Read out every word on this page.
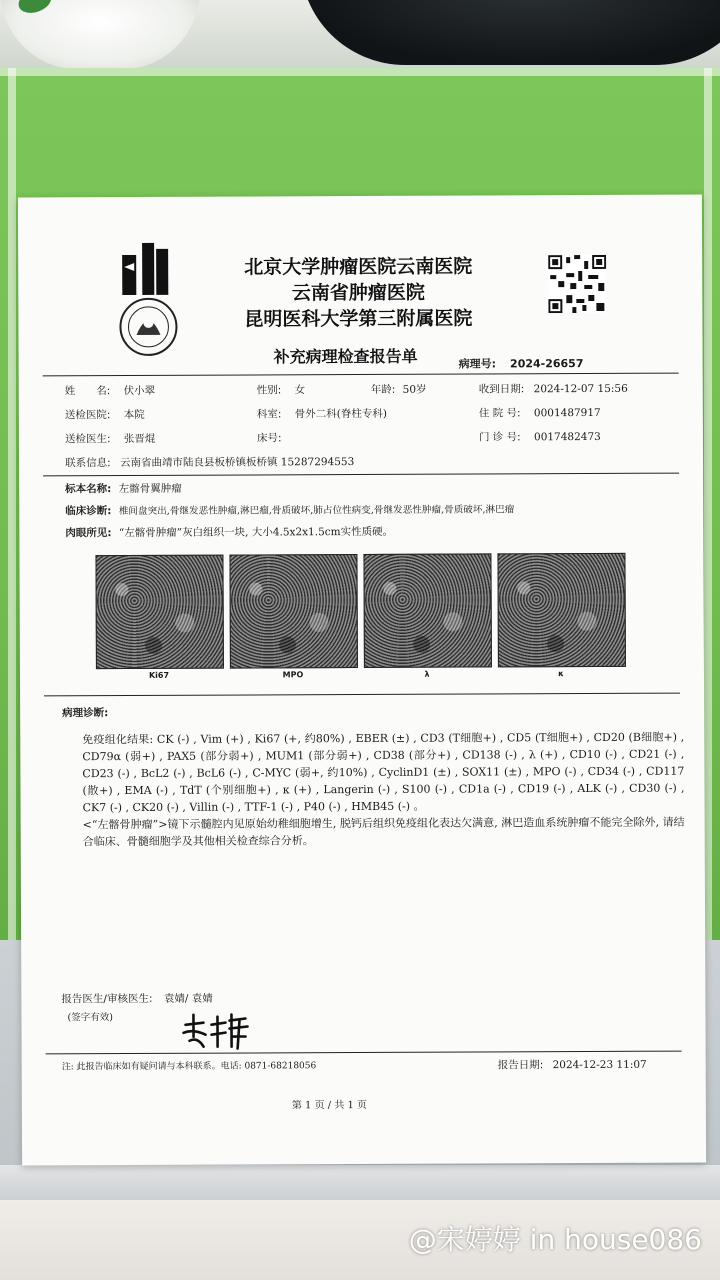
北京大学肿瘤医院云南医院
云南省肿瘤医院
昆明医科大学第三附属医院
补充病理检查报告单	病理号: 2024-26657
姓　　名: 伏小翠	性别: 女	年龄: 50岁	收到日期: 2024-12-07 15:56
送检医院: 本院	科室: 骨外二科(脊柱专科)	住 院 号: 0001487917
送检医生: 张晋焜	床号:	门 诊 号: 0017482473
联系信息: 云南省曲靖市陆良县板桥镇板桥镇 15287294553
标本名称: 左髂骨翼肿瘤
临床诊断: 椎间盘突出,骨继发恶性肿瘤,淋巴瘤,骨质破坏,肺占位性病变,骨继发恶性肿瘤,骨质破坏,淋巴瘤
肉眼所见: “左髂骨肿瘤”灰白组织一块, 大小4.5x2x1.5cm实性质硬。
Ki67	MPO	λ	κ
病理诊断:
免疫组化结果: CK (-) , Vim (+) , Ki67 (+, 约80%) , EBER (±) , CD3 (T细胞+) , CD5 (T细胞+) , CD20 (B细胞+) , CD79α (弱+) , PAX5 (部分弱+) , MUM1 (部分弱+) , CD38 (部分+) , CD138 (-) , λ (+) , CD10 (-) , CD21 (-) , CD23 (-) , BcL2 (-) , BcL6 (-) , C-MYC (弱+, 约10%) , CyclinD1 (±) , SOX11 (±) , MPO (-) , CD34 (-) , CD117 (散+) , EMA (-) , TdT (个别细胞+) , κ (+) , Langerin (-) , S100 (-) , CD1a (-) , CD19 (-) , ALK (-) , CD30 (-) , CK7 (-) , CK20 (-) , Villin (-) , TTF-1 (-) , P40 (-) , HMB45 (-) 。
<“左髂骨肿瘤”>镜下示髓腔内见原始幼稚细胞增生, 脱钙后组织免疫组化表达欠满意, 淋巴造血系统肿瘤不能完全除外, 请结合临床、骨髓细胞学及其他相关检查综合分析。
报告医生/审核医生: 袁婧/ 袁婧
(签字有效)
注: 此报告临床如有疑问请与本科联系。电话: 0871-68218056	报告日期: 2024-12-23 11:07
第 1 页 / 共 1 页
@宋婷婷 in house086
